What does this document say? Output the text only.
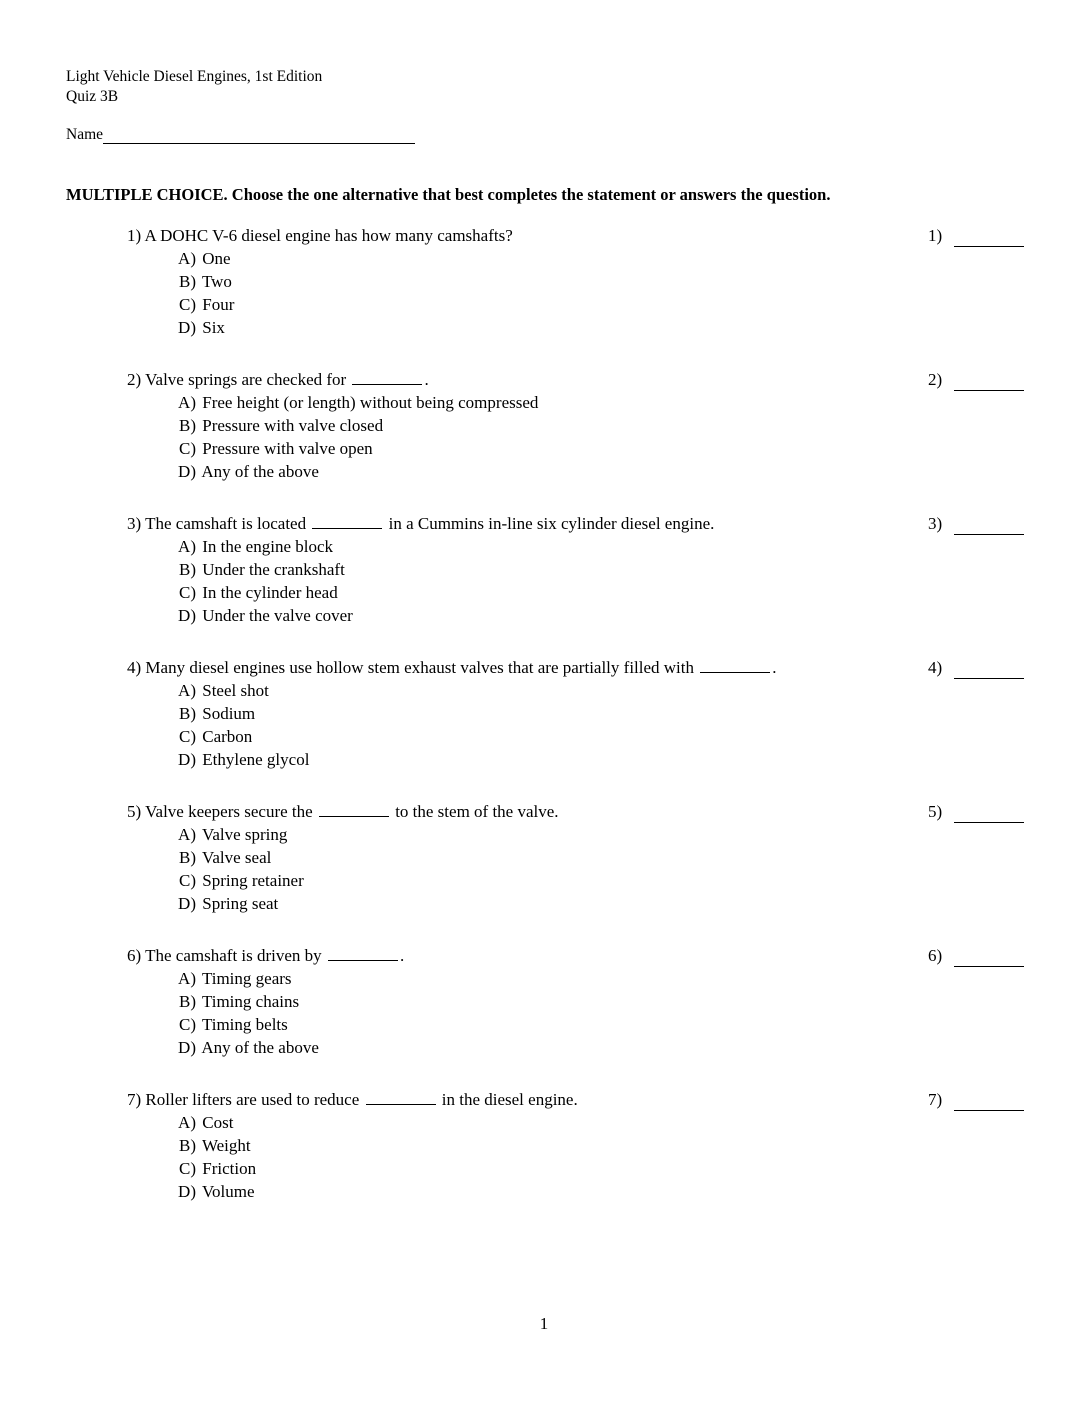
Light Vehicle Diesel Engines, 1st Edition
Quiz 3B
Name
MULTIPLE CHOICE. Choose the one alternative that best completes the statement or answers the question.
1) A DOHC V-6 diesel engine has how many camshafts?
A) One
B) Two
C) Four
D) Six
1)
2) Valve springs are checked for	.
A) Free height (or length) without being compressed
B) Pressure with valve closed
C) Pressure with valve open
D) Any of the above
2)
3) The camshaft is located	in a Cummins in-line six cylinder diesel engine.
A) In the engine block
B) Under the crankshaft
C) In the cylinder head
D) Under the valve cover
3)
4) Many diesel engines use hollow stem exhaust valves that are partially filled with	.
A) Steel shot
B) Sodium
C) Carbon
D) Ethylene glycol
4)
5) Valve keepers secure the	to the stem of the valve.
A) Valve spring
B) Valve seal
C) Spring retainer
D) Spring seat
5)
6) The camshaft is driven by	.
A) Timing gears
B) Timing chains
C) Timing belts
D) Any of the above
6)
7) Roller lifters are used to reduce	in the diesel engine.
A) Cost
B) Weight
C) Friction
D) Volume
7)
1
